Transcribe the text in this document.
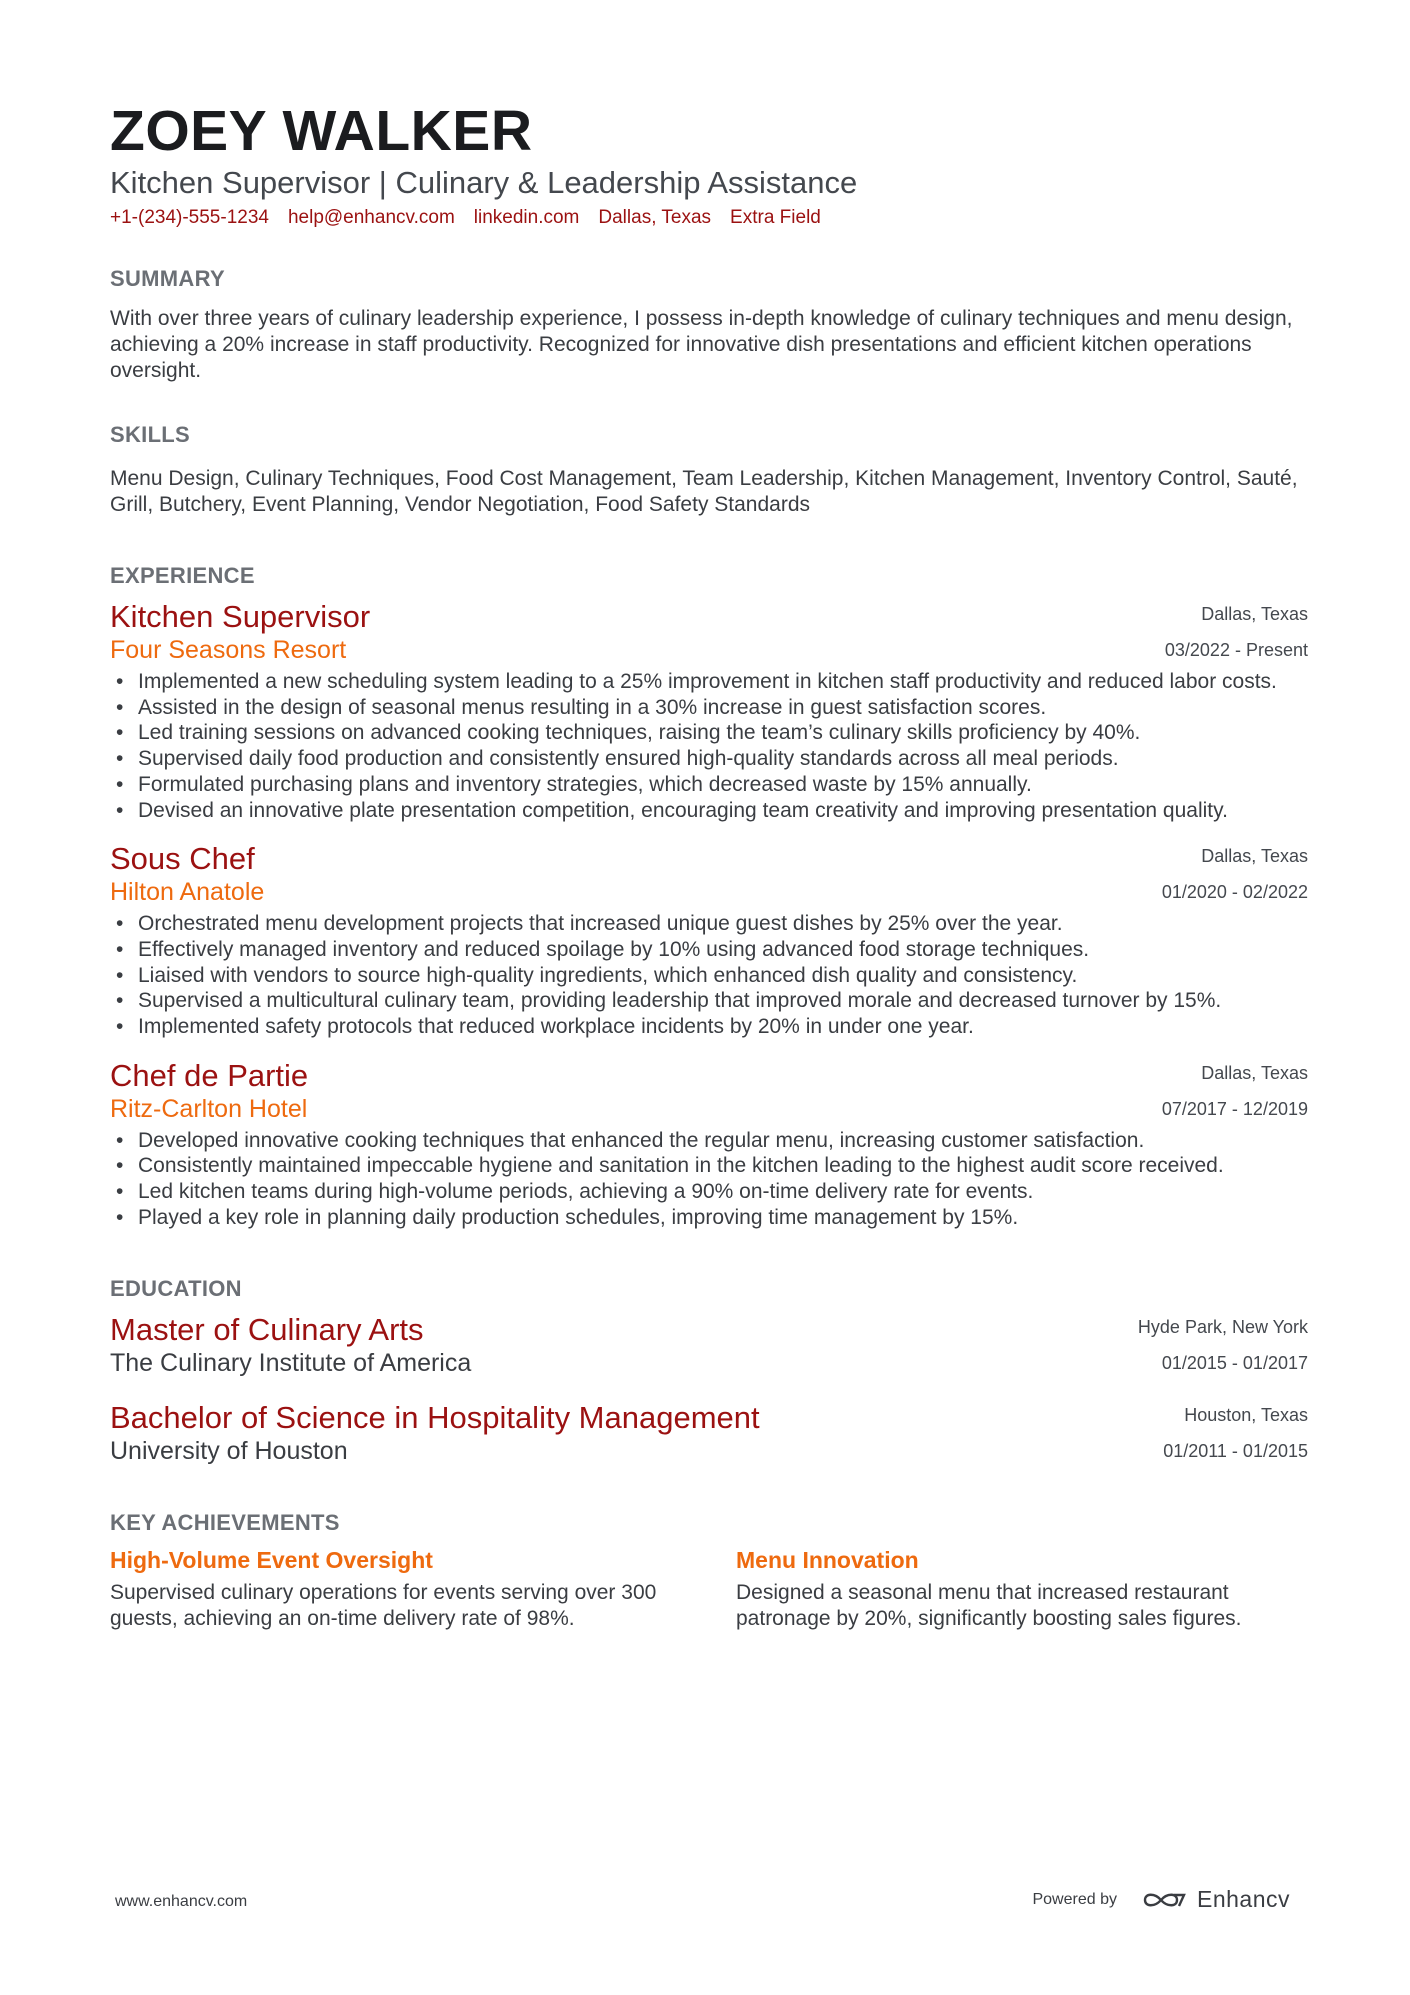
ZOEY WALKER
Kitchen Supervisor | Culinary & Leadership Assistance
+1-(234)-555-1234 help@enhancv.com linkedin.com Dallas, Texas Extra Field
SUMMARY
With over three years of culinary leadership experience, I possess in-depth knowledge of culinary techniques and menu design, achieving a 20% increase in staff productivity. Recognized for innovative dish presentations and efficient kitchen operations oversight.
SKILLS
Menu Design, Culinary Techniques, Food Cost Management, Team Leadership, Kitchen Management, Inventory Control, Sauté, Grill, Butchery, Event Planning, Vendor Negotiation, Food Safety Standards
EXPERIENCE
Kitchen Supervisor
Four Seasons Resort
Dallas, Texas
03/2022 - Present
• Implemented a new scheduling system leading to a 25% improvement in kitchen staff productivity and reduced labor costs.
• Assisted in the design of seasonal menus resulting in a 30% increase in guest satisfaction scores.
• Led training sessions on advanced cooking techniques, raising the team’s culinary skills proficiency by 40%.
• Supervised daily food production and consistently ensured high-quality standards across all meal periods.
• Formulated purchasing plans and inventory strategies, which decreased waste by 15% annually.
• Devised an innovative plate presentation competition, encouraging team creativity and improving presentation quality.
Sous Chef
Hilton Anatole
Dallas, Texas
01/2020 - 02/2022
• Orchestrated menu development projects that increased unique guest dishes by 25% over the year.
• Effectively managed inventory and reduced spoilage by 10% using advanced food storage techniques.
• Liaised with vendors to source high-quality ingredients, which enhanced dish quality and consistency.
• Supervised a multicultural culinary team, providing leadership that improved morale and decreased turnover by 15%.
• Implemented safety protocols that reduced workplace incidents by 20% in under one year.
Chef de Partie
Ritz-Carlton Hotel
Dallas, Texas
07/2017 - 12/2019
• Developed innovative cooking techniques that enhanced the regular menu, increasing customer satisfaction.
• Consistently maintained impeccable hygiene and sanitation in the kitchen leading to the highest audit score received.
• Led kitchen teams during high-volume periods, achieving a 90% on-time delivery rate for events.
• Played a key role in planning daily production schedules, improving time management by 15%.
EDUCATION
Master of Culinary Arts
The Culinary Institute of America
Hyde Park, New York
01/2015 - 01/2017
Bachelor of Science in Hospitality Management
University of Houston
Houston, Texas
01/2011 - 01/2015
KEY ACHIEVEMENTS
High-Volume Event Oversight
Supervised culinary operations for events serving over 300 guests, achieving an on-time delivery rate of 98%.
Menu Innovation
Designed a seasonal menu that increased restaurant patronage by 20%, significantly boosting sales figures.
www.enhancv.com	Powered by	Enhancv
